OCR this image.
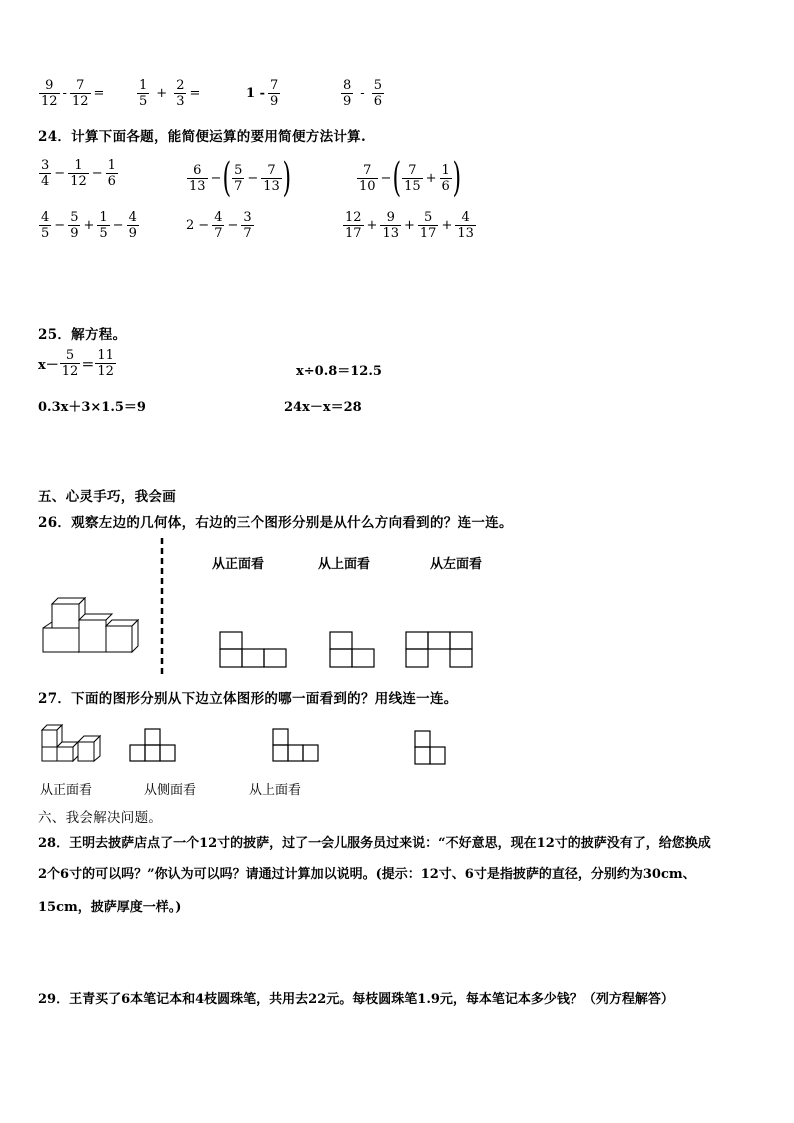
$\frac{9}{12} - \frac{7}{12}$ =	$\frac{1}{5} + \frac{2}{3}$ =	$1 - \frac{7}{9}$	$\frac{8}{9} - \frac{5}{6}$
24．计算下面各题，能简便运算的要用简便方法计算.
$\frac{3}{4} - \frac{1}{12} - \frac{1}{6}$	$\frac{6}{13}$ − ( $\frac{5}{7} - \frac{7}{13}$ )	$\frac{7}{10}$ − ( $\frac{7}{15} + \frac{1}{6}$ )
$\frac{4}{5} - \frac{5}{9} + \frac{1}{5} - \frac{4}{9}$	$2 - \frac{4}{7} - \frac{3}{7}$	$\frac{12}{17} + \frac{9}{13} + \frac{5}{17} + \frac{4}{13}$
25．解方程。
$x- \frac{5}{12} = \frac{11}{12}$	x÷0.8＝12.5
0.3x＋3×1.5＝9	24x－x＝28
五、心灵手巧，我会画
26．观察左边的几何体，右边的三个图形分别是从什么方向看到的？连一连。
从正面看	从上面看	从左面看
27．下面的图形分别从下边立体图形的哪一面看到的？用线连一连。
从正面看	从侧面看	从上面看
六、我会解决问题。
28．王明去披萨店点了一个12寸的披萨，过了一会儿服务员过来说：“不好意思，现在12寸的披萨没有了，给您换成
2个6寸的可以吗？”你认为可以吗？请通过计算加以说明。(提示：12寸、6寸是指披萨的直径，分别约为30cm、
15cm，披萨厚度一样。)
29．王青买了6本笔记本和4枝圆珠笔，共用去22元。每枝圆珠笔1.9元，每本笔记本多少钱？（列方程解答）
